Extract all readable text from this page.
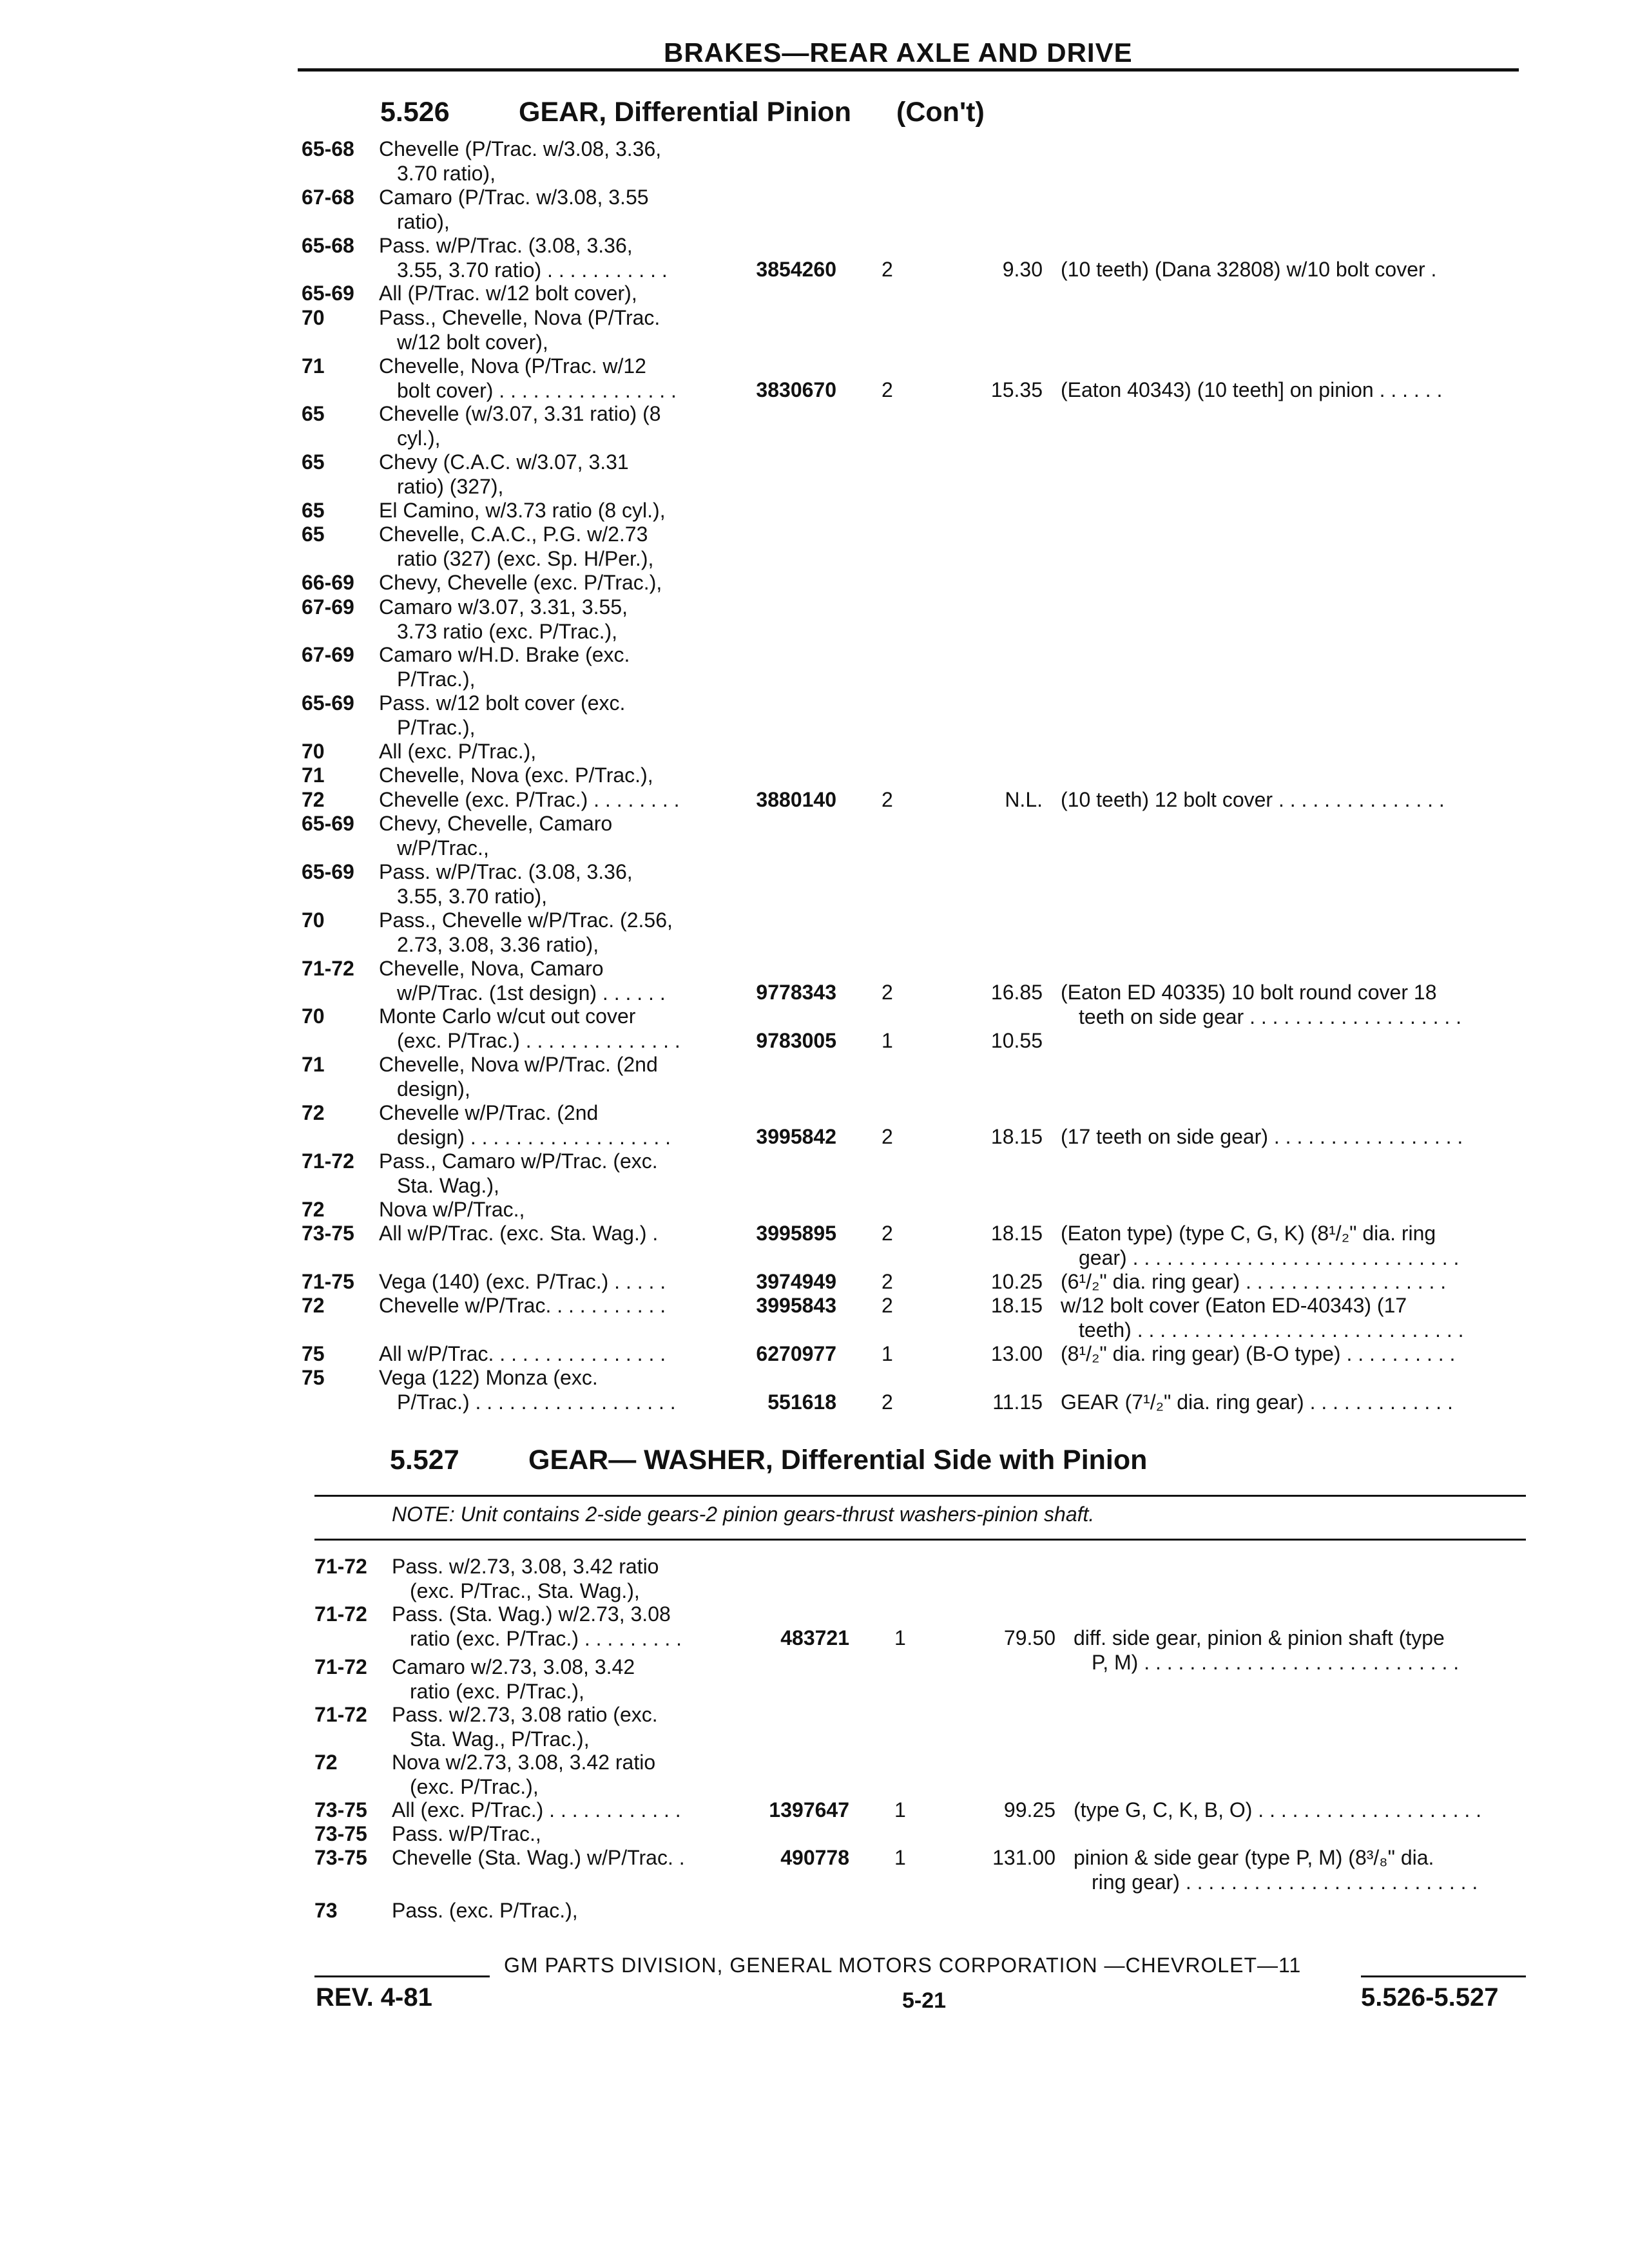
BRAKES—REAR AXLE AND DRIVE
5.526 GEAR, Differential Pinion (Con't)
65-68	Chevelle (P/Trac. w/3.08, 3.36,
3.70 ratio),
67-68	Camaro (P/Trac. w/3.08, 3.55
ratio),
65-68	Pass. w/P/Trac. (3.08, 3.36,
3.55, 3.70 ratio) . . . . . . . . . . .	3854260 2	9.30 (10 teeth) (Dana 32808) w/10 bolt cover .
65-69	All (P/Trac. w/12 bolt cover),
70	Pass., Chevelle, Nova (P/Trac.
w/12 bolt cover),
71	Chevelle, Nova (P/Trac. w/12
bolt cover) . . . . . . . . . . . . . . . .	3830670 2	15.35 (Eaton 40343) (10 teeth] on pinion . . . . . .
65	Chevelle (w/3.07, 3.31 ratio) (8
cyl.),
65	Chevy (C.A.C. w/3.07, 3.31
ratio) (327),
65	El Camino, w/3.73 ratio (8 cyl.),
65	Chevelle, C.A.C., P.G. w/2.73
ratio (327) (exc. Sp. H/Per.),
66-69	Chevy, Chevelle (exc. P/Trac.),
67-69	Camaro w/3.07, 3.31, 3.55,
3.73 ratio (exc. P/Trac.),
67-69	Camaro w/H.D. Brake (exc.
P/Trac.),
65-69	Pass. w/12 bolt cover (exc.
P/Trac.),
70	All (exc. P/Trac.),
71	Chevelle, Nova (exc. P/Trac.),
72	Chevelle (exc. P/Trac.) . . . . . . . .	3880140 2	N.L. (10 teeth) 12 bolt cover . . . . . . . . . . . . . . .
65-69	Chevy, Chevelle, Camaro
w/P/Trac.,
65-69	Pass. w/P/Trac. (3.08, 3.36,
3.55, 3.70 ratio),
70	Pass., Chevelle w/P/Trac. (2.56,
2.73, 3.08, 3.36 ratio),
71-72	Chevelle, Nova, Camaro
w/P/Trac. (1st design) . . . . . .	9778343 2	16.85 (Eaton ED 40335) 10 bolt round cover 18
teeth on side gear . . . . . . . . . . . . . . . . . . .
70	Monte Carlo w/cut out cover
(exc. P/Trac.) . . . . . . . . . . . . . .	9783005 1	10.55
71	Chevelle, Nova w/P/Trac. (2nd
design),
72	Chevelle w/P/Trac. (2nd
design) . . . . . . . . . . . . . . . . . .	3995842 2	18.15 (17 teeth on side gear) . . . . . . . . . . . . . . . . .
71-72	Pass., Camaro w/P/Trac. (exc.
Sta. Wag.),
72	Nova w/P/Trac.,
73-75	All w/P/Trac. (exc. Sta. Wag.) .	3995895 2	18.15 (Eaton type) (type C, G, K) (8¹/₂" dia. ring
gear) . . . . . . . . . . . . . . . . . . . . . . . . . . . . .
71-75	Vega (140) (exc. P/Trac.) . . . . .	3974949 2	10.25 (6¹/₂" dia. ring gear) . . . . . . . . . . . . . . . . . .
72	Chevelle w/P/Trac. . . . . . . . . . .	3995843 2	18.15 w/12 bolt cover (Eaton ED-40343) (17
teeth) . . . . . . . . . . . . . . . . . . . . . . . . . . . . .
75	All w/P/Trac. . . . . . . . . . . . . . . .	6270977 1	13.00 (8¹/₂" dia. ring gear) (B-O type) . . . . . . . . . .
75	Vega (122) Monza (exc.
P/Trac.) . . . . . . . . . . . . . . . . . .	551618 2	11.15 GEAR (7¹/₂" dia. ring gear) . . . . . . . . . . . . .
5.527 GEAR— WASHER, Differential Side with Pinion
NOTE: Unit contains 2-side gears-2 pinion gears-thrust washers-pinion shaft.
71-72	Pass. w/2.73, 3.08, 3.42 ratio
(exc. P/Trac., Sta. Wag.),
71-72	Pass. (Sta. Wag.) w/2.73, 3.08
ratio (exc. P/Trac.) . . . . . . . . .	483721 1	79.50 diff. side gear, pinion & pinion shaft (type
P, M) . . . . . . . . . . . . . . . . . . . . . . . . . . . .
71-72	Camaro w/2.73, 3.08, 3.42
ratio (exc. P/Trac.),
71-72	Pass. w/2.73, 3.08 ratio (exc.
Sta. Wag., P/Trac.),
72	Nova w/2.73, 3.08, 3.42 ratio
(exc. P/Trac.),
73-75	All (exc. P/Trac.) . . . . . . . . . . . .	1397647 1	99.25 (type G, C, K, B, O) . . . . . . . . . . . . . . . . . . . .
73-75	Pass. w/P/Trac.,
73-75	Chevelle (Sta. Wag.) w/P/Trac. .	490778 1	131.00 pinion & side gear (type P, M) (8³/₈" dia.
ring gear) . . . . . . . . . . . . . . . . . . . . . . . . . .
73	Pass. (exc. P/Trac.),
GM PARTS DIVISION, GENERAL MOTORS CORPORATION —CHEVROLET—11
REV. 4-81	5-21	5.526-5.527
